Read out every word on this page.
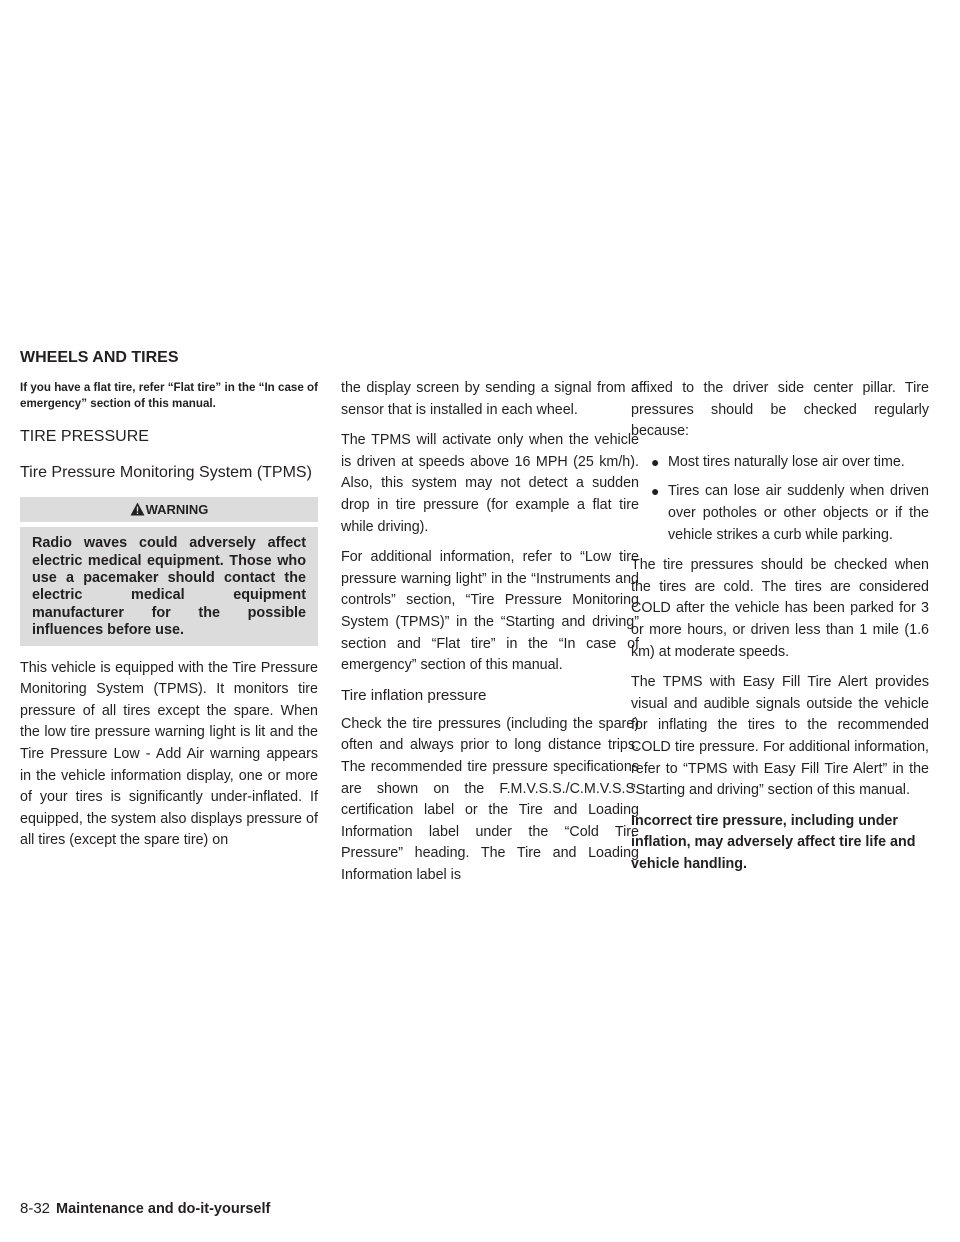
WHEELS AND TIRES

If you have a flat tire, refer “Flat tire” in the “In case of emergency” section of this manual.

TIRE PRESSURE
Tire Pressure Monitoring System (TPMS)
WARNING

Radio waves could adversely affect electric medical equipment. Those who use a pacemaker should contact the electric medical equipment manufacturer for the possible influences before use.

This vehicle is equipped with the Tire Pressure Monitoring System (TPMS). It monitors tire pressure of all tires except the spare. When the low tire pressure warning light is lit and the Tire Pressure Low - Add Air warning appears in the vehicle information display, one or more of your tires is significantly under-inflated. If equipped, the system also displays pressure of all tires (except the spare tire) on

the display screen by sending a signal from a sensor that is installed in each wheel.

The TPMS will activate only when the vehicle is driven at speeds above 16 MPH (25 km/h). Also, this system may not detect a sudden drop in tire pressure (for example a flat tire while driving).

For additional information, refer to “Low tire pressure warning light” in the “Instruments and controls” section, “Tire Pressure Monitoring System (TPMS)” in the “Starting and driving” section and “Flat tire” in the “In case of emergency” section of this manual.

Tire inflation pressure

Check the tire pressures (including the spare) often and always prior to long distance trips. The recommended tire pressure specifications are shown on the F.M.V.S.S./C.M.V.S.S. certification label or the Tire and Loading Information label under the “Cold Tire Pressure” heading. The Tire and Loading Information label is

affixed to the driver side center pillar. Tire pressures should be checked regularly because:

● Most tires naturally lose air over time.
● Tires can lose air suddenly when driven over potholes or other objects or if the vehicle strikes a curb while parking.

The tire pressures should be checked when the tires are cold. The tires are considered COLD after the vehicle has been parked for 3 or more hours, or driven less than 1 mile (1.6 km) at moderate speeds.

The TPMS with Easy Fill Tire Alert provides visual and audible signals outside the vehicle for inflating the tires to the recommended COLD tire pressure. For additional information, refer to “TPMS with Easy Fill Tire Alert” in the “Starting and driving” section of this manual.

Incorrect tire pressure, including under inflation, may adversely affect tire life and vehicle handling.

8-32 Maintenance and do-it-yourself
